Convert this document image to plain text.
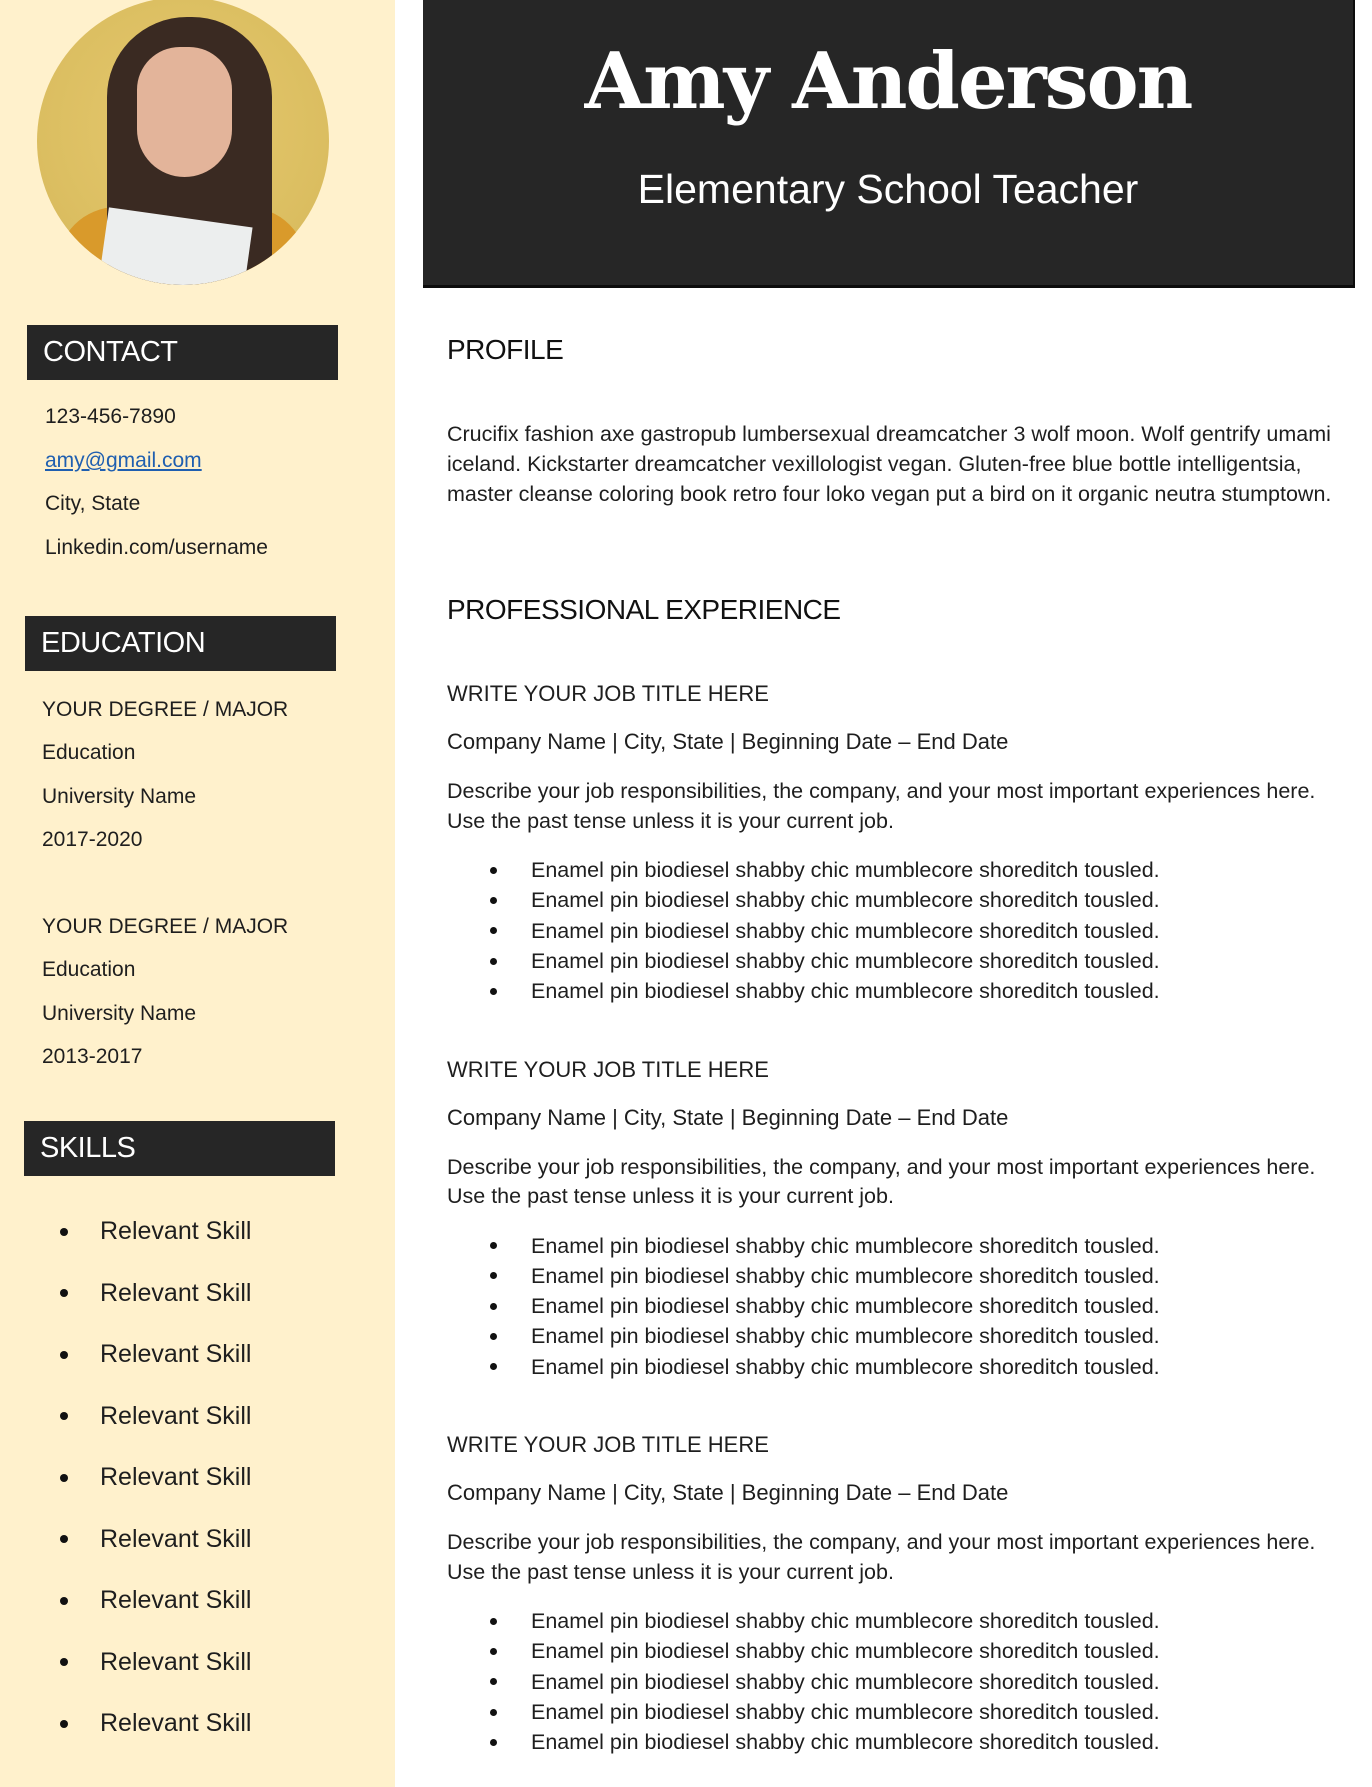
CONTACT
123-456-7890
amy@gmail.com
City, State
Linkedin.com/username
EDUCATION
YOUR DEGREE / MAJOR
Education
University Name
2017-2020
YOUR DEGREE / MAJOR
Education
University Name
2013-2017
SKILLS
Relevant Skill
Relevant Skill
Relevant Skill
Relevant Skill
Relevant Skill
Relevant Skill
Relevant Skill
Relevant Skill
Relevant Skill
Amy Anderson
Elementary School Teacher
PROFILE
Crucifix fashion axe gastropub lumbersexual dreamcatcher 3 wolf moon. Wolf gentrify umami iceland. Kickstarter dreamcatcher vexillologist vegan. Gluten-free blue bottle intelligentsia, master cleanse coloring book retro four loko vegan put a bird on it organic neutra stumptown.
PROFESSIONAL EXPERIENCE
WRITE YOUR JOB TITLE HERE
Company Name | City, State | Beginning Date – End Date
Describe your job responsibilities, the company, and your most important experiences here. Use the past tense unless it is your current job.
Enamel pin biodiesel shabby chic mumblecore shoreditch tousled.
Enamel pin biodiesel shabby chic mumblecore shoreditch tousled.
Enamel pin biodiesel shabby chic mumblecore shoreditch tousled.
Enamel pin biodiesel shabby chic mumblecore shoreditch tousled.
Enamel pin biodiesel shabby chic mumblecore shoreditch tousled.
WRITE YOUR JOB TITLE HERE
Company Name | City, State | Beginning Date – End Date
Describe your job responsibilities, the company, and your most important experiences here. Use the past tense unless it is your current job.
Enamel pin biodiesel shabby chic mumblecore shoreditch tousled.
Enamel pin biodiesel shabby chic mumblecore shoreditch tousled.
Enamel pin biodiesel shabby chic mumblecore shoreditch tousled.
Enamel pin biodiesel shabby chic mumblecore shoreditch tousled.
Enamel pin biodiesel shabby chic mumblecore shoreditch tousled.
WRITE YOUR JOB TITLE HERE
Company Name | City, State | Beginning Date – End Date
Describe your job responsibilities, the company, and your most important experiences here. Use the past tense unless it is your current job.
Enamel pin biodiesel shabby chic mumblecore shoreditch tousled.
Enamel pin biodiesel shabby chic mumblecore shoreditch tousled.
Enamel pin biodiesel shabby chic mumblecore shoreditch tousled.
Enamel pin biodiesel shabby chic mumblecore shoreditch tousled.
Enamel pin biodiesel shabby chic mumblecore shoreditch tousled.
